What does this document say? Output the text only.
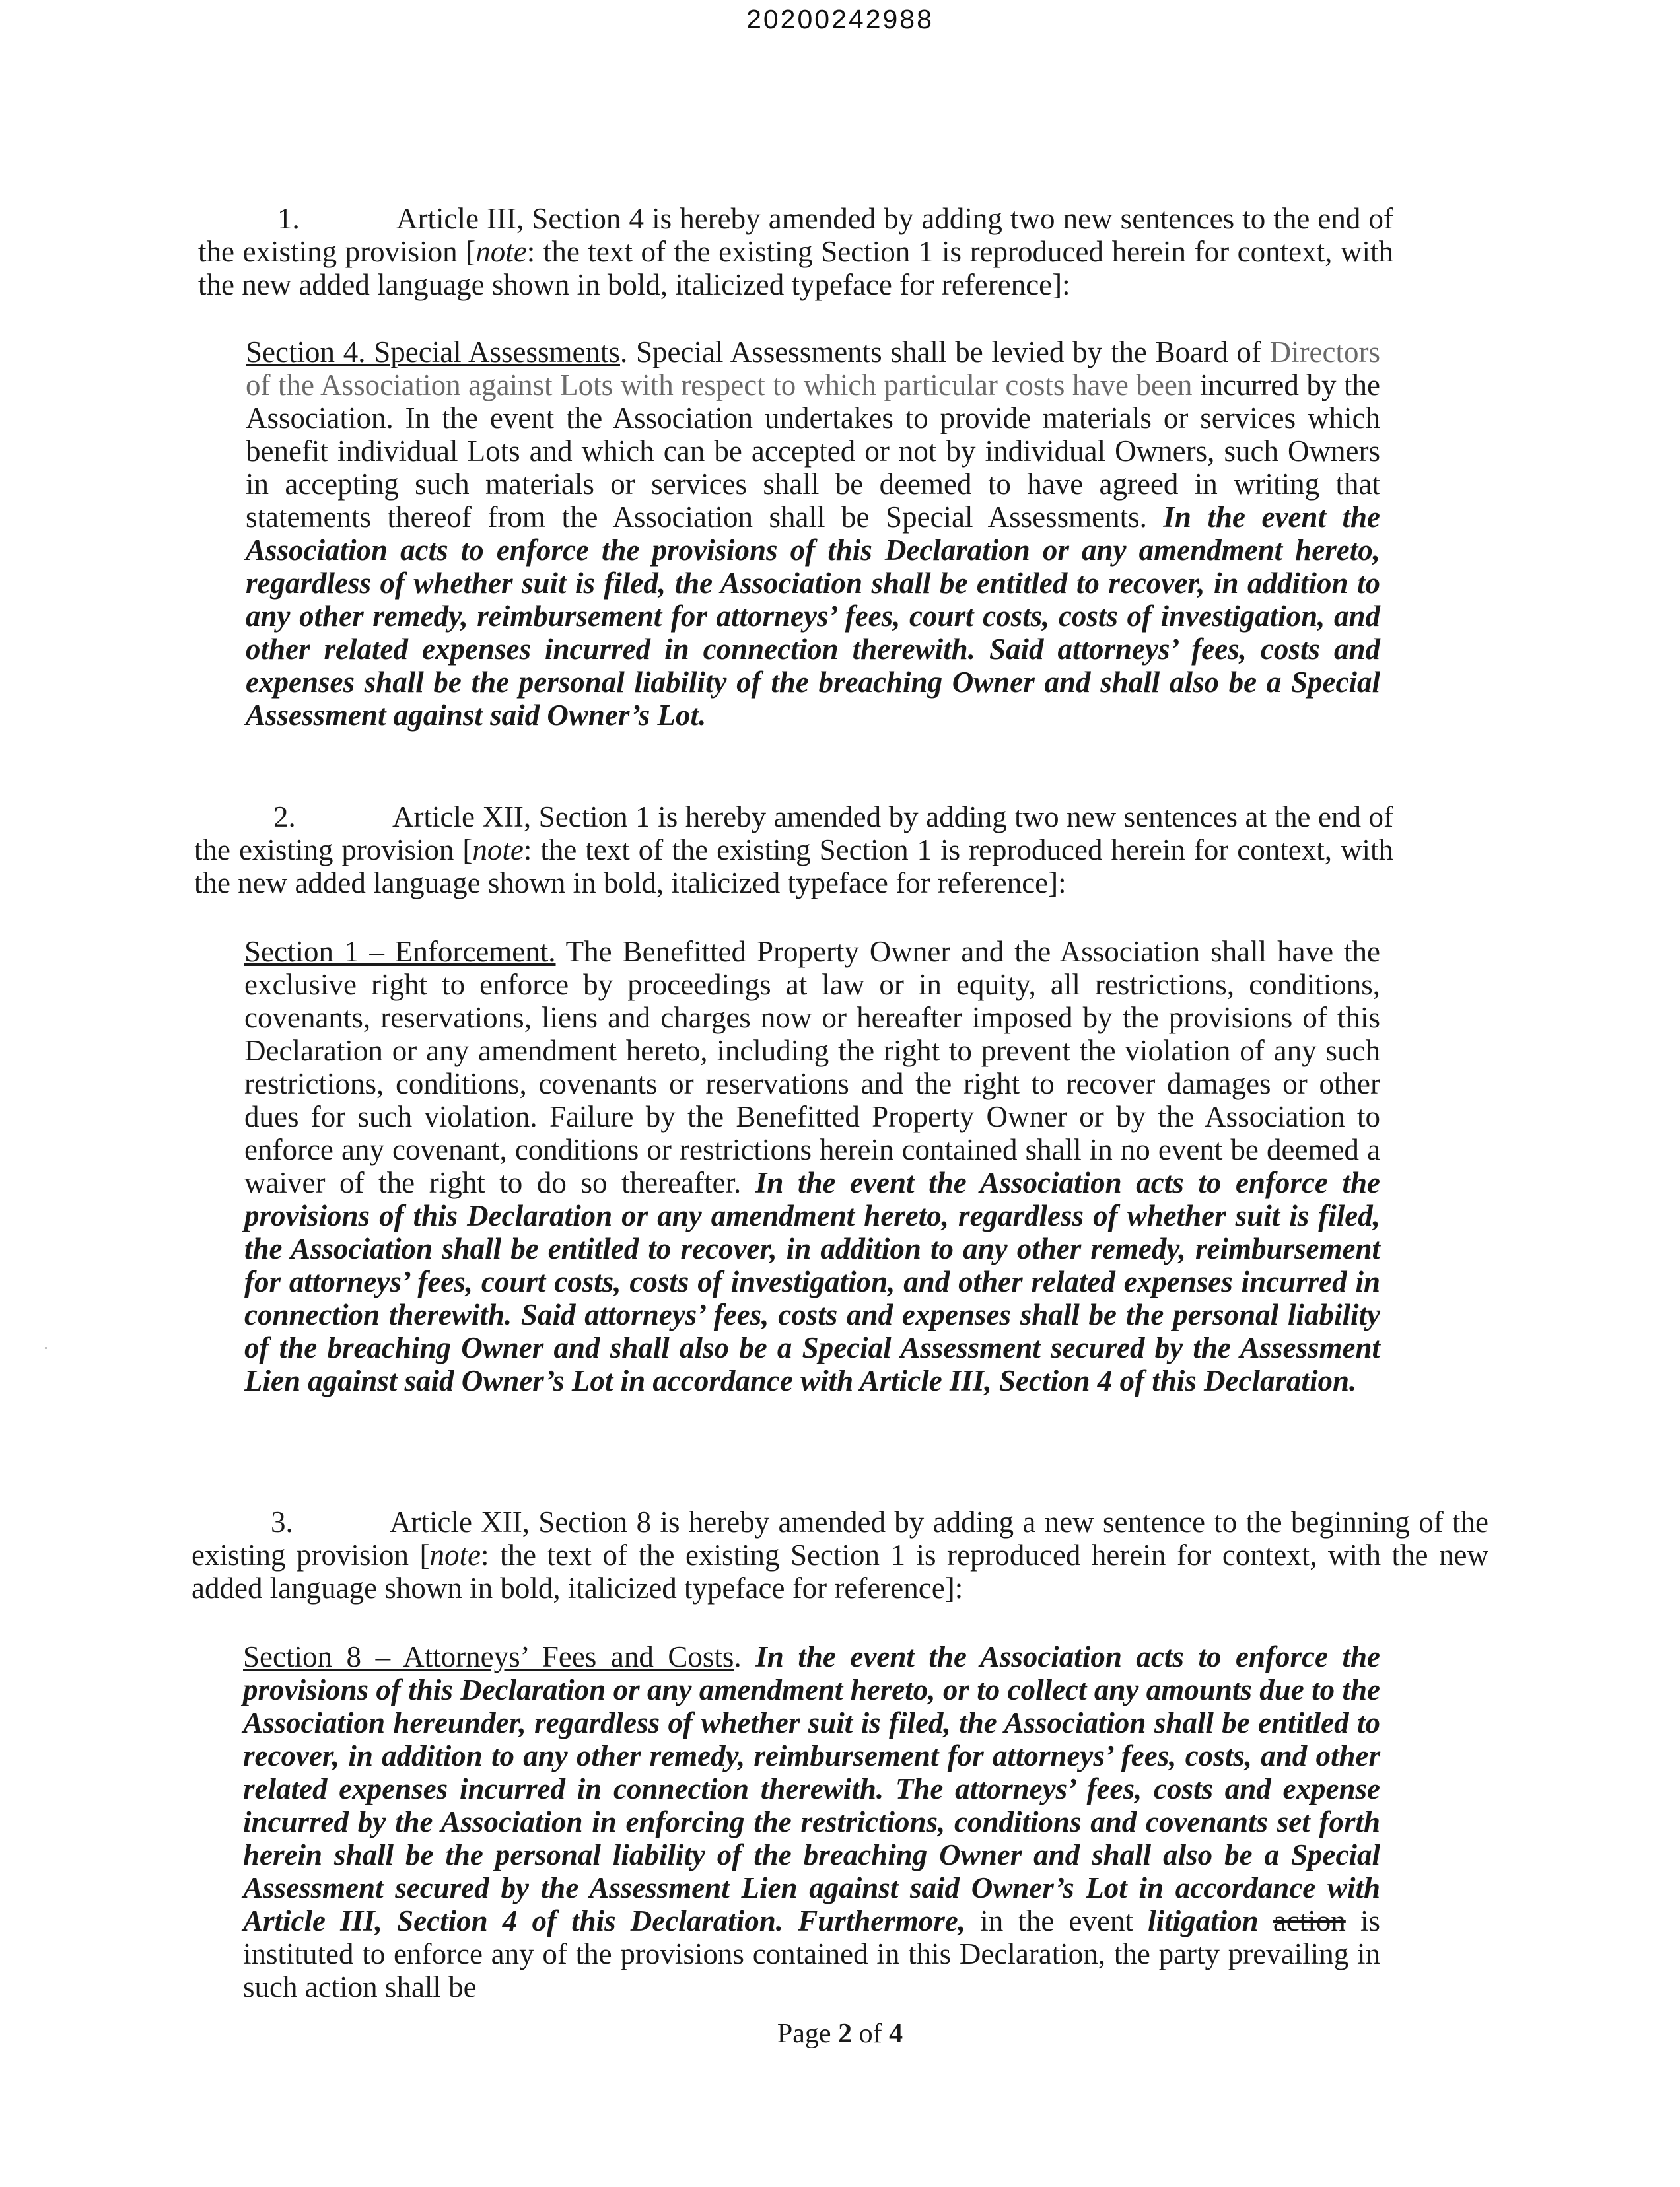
20200242988
1.	Article III, Section 4 is hereby amended by adding two new sentences to the end of the existing provision [note: the text of the existing Section 1 is reproduced herein for context, with the new added language shown in bold, italicized typeface for reference]:
Section 4. Special Assessments. Special Assessments shall be levied by the Board of Directors of the Association against Lots with respect to which particular costs have been incurred by the Association. In the event the Association undertakes to provide materials or services which benefit individual Lots and which can be accepted or not by individual Owners, such Owners in accepting such materials or services shall be deemed to have agreed in writing that statements thereof from the Association shall be Special Assessments. In the event the Association acts to enforce the provisions of this Declaration or any amendment hereto, regardless of whether suit is filed, the Association shall be entitled to recover, in addition to any other remedy, reimbursement for attorneys’ fees, court costs, costs of investigation, and other related expenses incurred in connection therewith. Said attorneys’ fees, costs and expenses shall be the personal liability of the breaching Owner and shall also be a Special Assessment against said Owner’s Lot.
2.	Article XII, Section 1 is hereby amended by adding two new sentences at the end of the existing provision [note: the text of the existing Section 1 is reproduced herein for context, with the new added language shown in bold, italicized typeface for reference]:
Section 1 – Enforcement. The Benefitted Property Owner and the Association shall have the exclusive right to enforce by proceedings at law or in equity, all restrictions, conditions, covenants, reservations, liens and charges now or hereafter imposed by the provisions of this Declaration or any amendment hereto, including the right to prevent the violation of any such restrictions, conditions, covenants or reservations and the right to recover damages or other dues for such violation. Failure by the Benefitted Property Owner or by the Association to enforce any covenant, conditions or restrictions herein contained shall in no event be deemed a waiver of the right to do so thereafter. In the event the Association acts to enforce the provisions of this Declaration or any amendment hereto, regardless of whether suit is filed, the Association shall be entitled to recover, in addition to any other remedy, reimbursement for attorneys’ fees, court costs, costs of investigation, and other related expenses incurred in connection therewith. Said attorneys’ fees, costs and expenses shall be the personal liability of the breaching Owner and shall also be a Special Assessment secured by the Assessment Lien against said Owner’s Lot in accordance with Article III, Section 4 of this Declaration.
3.	Article XII, Section 8 is hereby amended by adding a new sentence to the beginning of the existing provision [note: the text of the existing Section 1 is reproduced herein for context, with the new added language shown in bold, italicized typeface for reference]:
Section 8 – Attorneys’ Fees and Costs. In the event the Association acts to enforce the provisions of this Declaration or any amendment hereto, or to collect any amounts due to the Association hereunder, regardless of whether suit is filed, the Association shall be entitled to recover, in addition to any other remedy, reimbursement for attorneys’ fees, costs, and other related expenses incurred in connection therewith. The attorneys’ fees, costs and expense incurred by the Association in enforcing the restrictions, conditions and covenants set forth herein shall be the personal liability of the breaching Owner and shall also be a Special Assessment secured by the Assessment Lien against said Owner’s Lot in accordance with Article III, Section 4 of this Declaration. Furthermore, in the event litigation action is instituted to enforce any of the provisions contained in this Declaration, the party prevailing in such action shall be
Page 2 of 4
